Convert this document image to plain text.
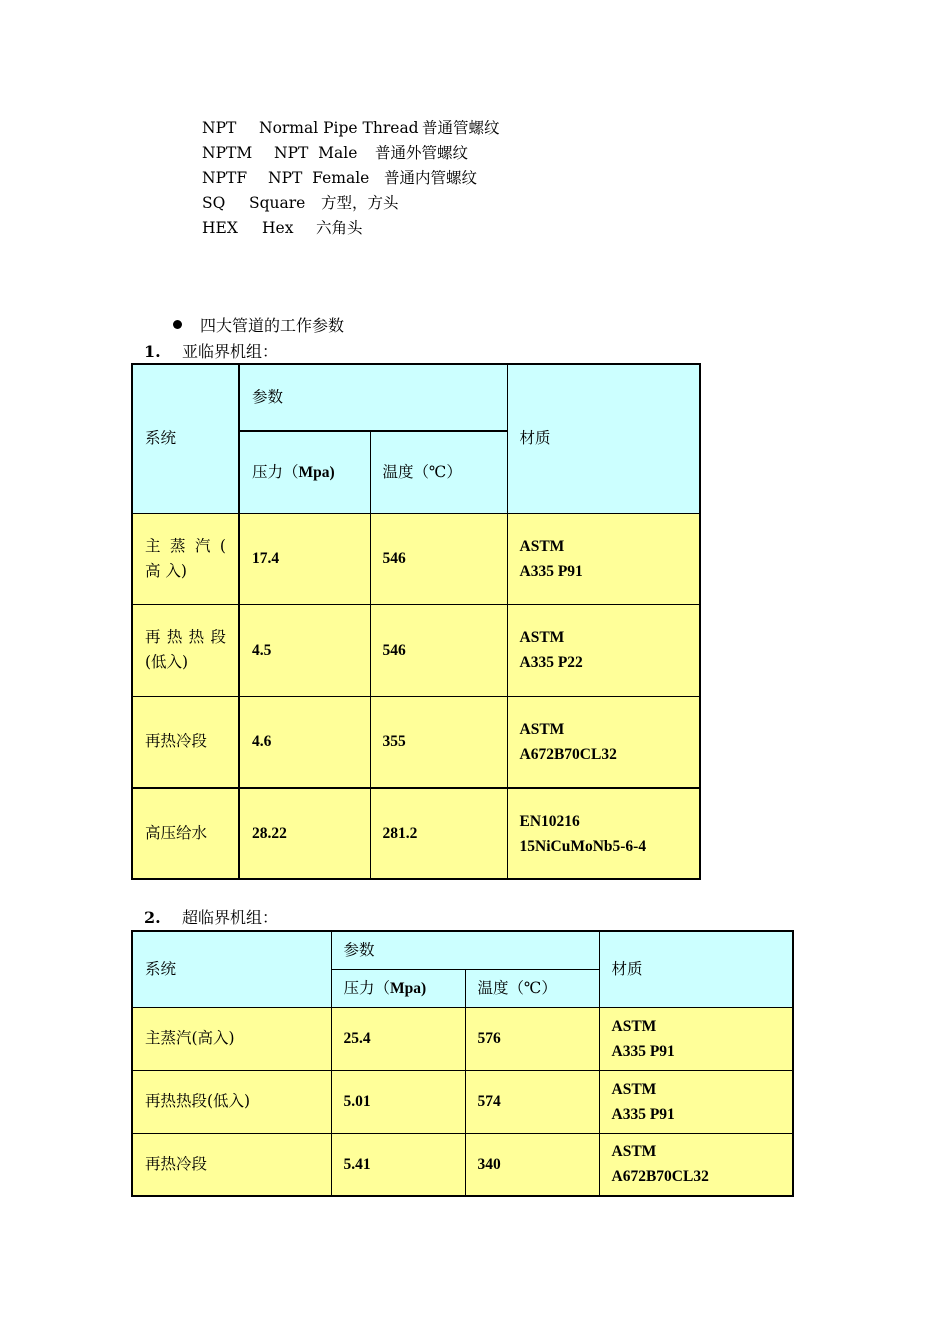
NPT Normal Pipe Thread 普通管螺纹
NPTM NPT  Male 普通外管螺纹
NPTF NPT  Female 普通内管螺纹
SQ Square 方型，方头
HEX Hex 六角头
四大管道的工作参数
1. 亚临界机组：
系统	参数		材质
	压力（Mpa)	温度（℃）	
主 蒸 汽 ( 高 入)	17.4	546	ASTM
A335 P91

再 热 热 段 (低入)	4.5	546	ASTM
A335 P22

再热冷段	4.6	355	ASTM
A672B70CL32

高压给水	28.22	281.2	EN10216
15NiCuMoNb5-6-4
2. 超临界机组：
系统	参数		材质
	压力（Mpa)	温度（℃）	
主蒸汽(高入)	25.4	576	ASTM
A335 P91

再热热段(低入)	5.01	574	ASTM
A335 P91

再热冷段	5.41	340	ASTM
A672B70CL32
